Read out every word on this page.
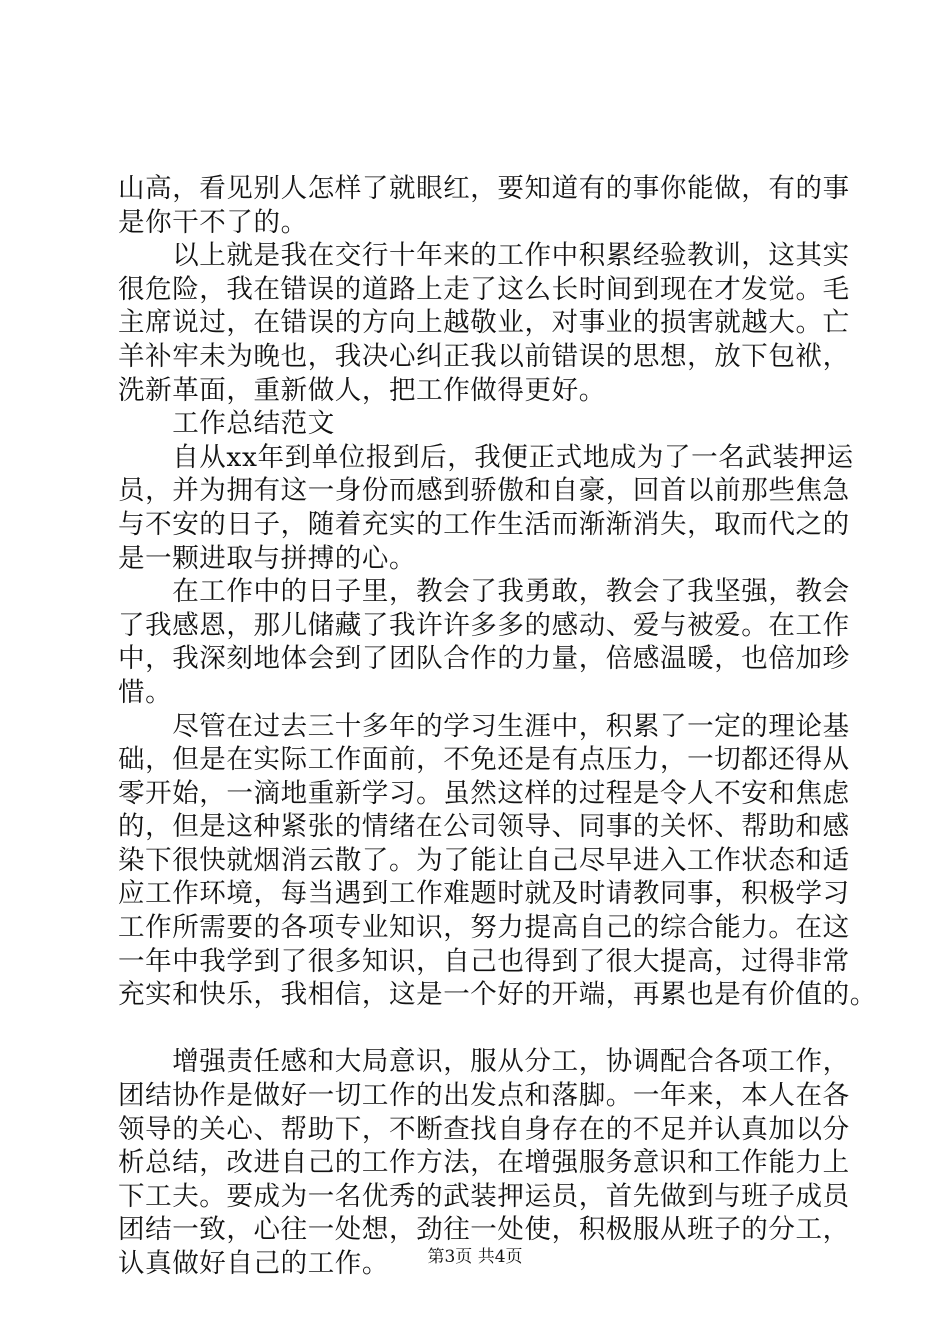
山高，看见别人怎样了就眼红，要知道有的事你能做，有的事
是你干不了的。
　　以上就是我在交行十年来的工作中积累经验教训，这其实
很危险，我在错误的道路上走了这么长时间到现在才发觉。毛
主席说过，在错误的方向上越敬业，对事业的损害就越大。亡
羊补牢未为晚也，我决心纠正我以前错误的思想，放下包袱，
洗新革面，重新做人，把工作做得更好。
　　工作总结范文
　　自从xx年到单位报到后，我便正式地成为了一名武装押运
员，并为拥有这一身份而感到骄傲和自豪，回首以前那些焦急
与不安的日子，随着充实的工作生活而渐渐消失，取而代之的
是一颗进取与拼搏的心。
　　在工作中的日子里，教会了我勇敢，教会了我坚强，教会
了我感恩，那儿储藏了我许许多多的感动、爱与被爱。在工作
中，我深刻地体会到了团队合作的力量，倍感温暖，也倍加珍
惜。
　　尽管在过去三十多年的学习生涯中，积累了一定的理论基
础，但是在实际工作面前，不免还是有点压力，一切都还得从
零开始，一滴地重新学习。虽然这样的过程是令人不安和焦虑
的，但是这种紧张的情绪在公司领导、同事的关怀、帮助和感
染下很快就烟消云散了。为了能让自己尽早进入工作状态和适
应工作环境，每当遇到工作难题时就及时请教同事，积极学习
工作所需要的各项专业知识，努力提高自己的综合能力。在这
一年中我学到了很多知识，自己也得到了很大提高，过得非常
充实和快乐，我相信，这是一个好的开端，再累也是有价值的。
　　增强责任感和大局意识，服从分工，协调配合各项工作，
团结协作是做好一切工作的出发点和落脚。一年来，本人在各
领导的关心、帮助下，不断查找自身存在的不足并认真加以分
析总结，改进自己的工作方法，在增强服务意识和工作能力上
下工夫。要成为一名优秀的武装押运员，首先做到与班子成员
团结一致，心往一处想，劲往一处使，积极服从班子的分工，
认真做好自己的工作。	第3页 共4页
